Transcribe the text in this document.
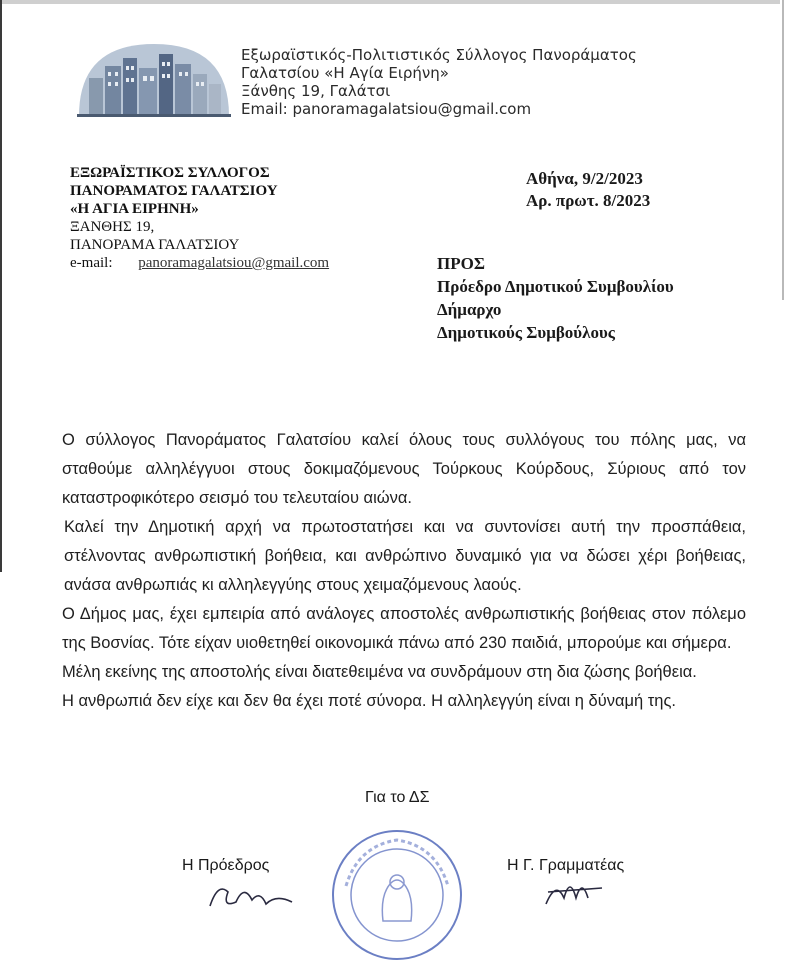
Εξωραϊστικός-Πολιτιστικός Σύλλογος Πανοράματος
Γαλατσίου «Η Αγία Ειρήνη»
Ξάνθης 19, Γαλάτσι
Email: panoramagalatsiou@gmail.com
ΕΞΩΡΑΪΣΤΙΚΟΣ ΣΥΛΛΟΓΟΣ
ΠΑΝΟΡΑΜΑΤΟΣ ΓΑΛΑΤΣΙΟΥ
«Η ΑΓΙΑ ΕΙΡΗΝΗ»
ΞΑΝΘΗΣ 19,
ΠΑΝΟΡΑΜΑ ΓΑΛΑΤΣΙΟΥ
e-mail: panoramagalatsiou@gmail.com
Αθήνα, 9/2/2023
Αρ. πρωτ. 8/2023
ΠΡΟΣ
Πρόεδρο Δημοτικού Συμβουλίου
Δήμαρχο
Δημοτικούς Συμβούλους

Ο σύλλογος Πανοράματος Γαλατσίου καλεί όλους τους συλλόγους του πόλης μας, να σταθούμε αλληλέγγυοι στους δοκιμαζόμενους Τούρκους Κούρδους, Σύριους από τον καταστροφικότερο σεισμό του τελευταίου αιώνα.

Καλεί την Δημοτική αρχή να πρωτοστατήσει και να συντονίσει αυτή την προσπάθεια, στέλνοντας ανθρωπιστική βοήθεια, και ανθρώπινο δυναμικό για να δώσει χέρι βοήθειας, ανάσα ανθρωπιάς κι αλληλεγγύης στους χειμαζόμενους λαούς.

Ο Δήμος μας, έχει εμπειρία από ανάλογες αποστολές ανθρωπιστικής βοήθειας στον πόλεμο της Βοσνίας. Τότε είχαν υιοθετηθεί οικονομικά πάνω από 230 παιδιά, μπορούμε και σήμερα.

Μέλη εκείνης της αποστολής είναι διατεθειμένα να συνδράμουν στη δια ζώσης βοήθεια.

Η ανθρωπιά δεν είχε και δεν θα έχει ποτέ σύνορα. Η αλληλεγγύη είναι η δύναμή της.

Για το ΔΣ
Η Πρόεδρος	Η Γ. Γραμματέας
